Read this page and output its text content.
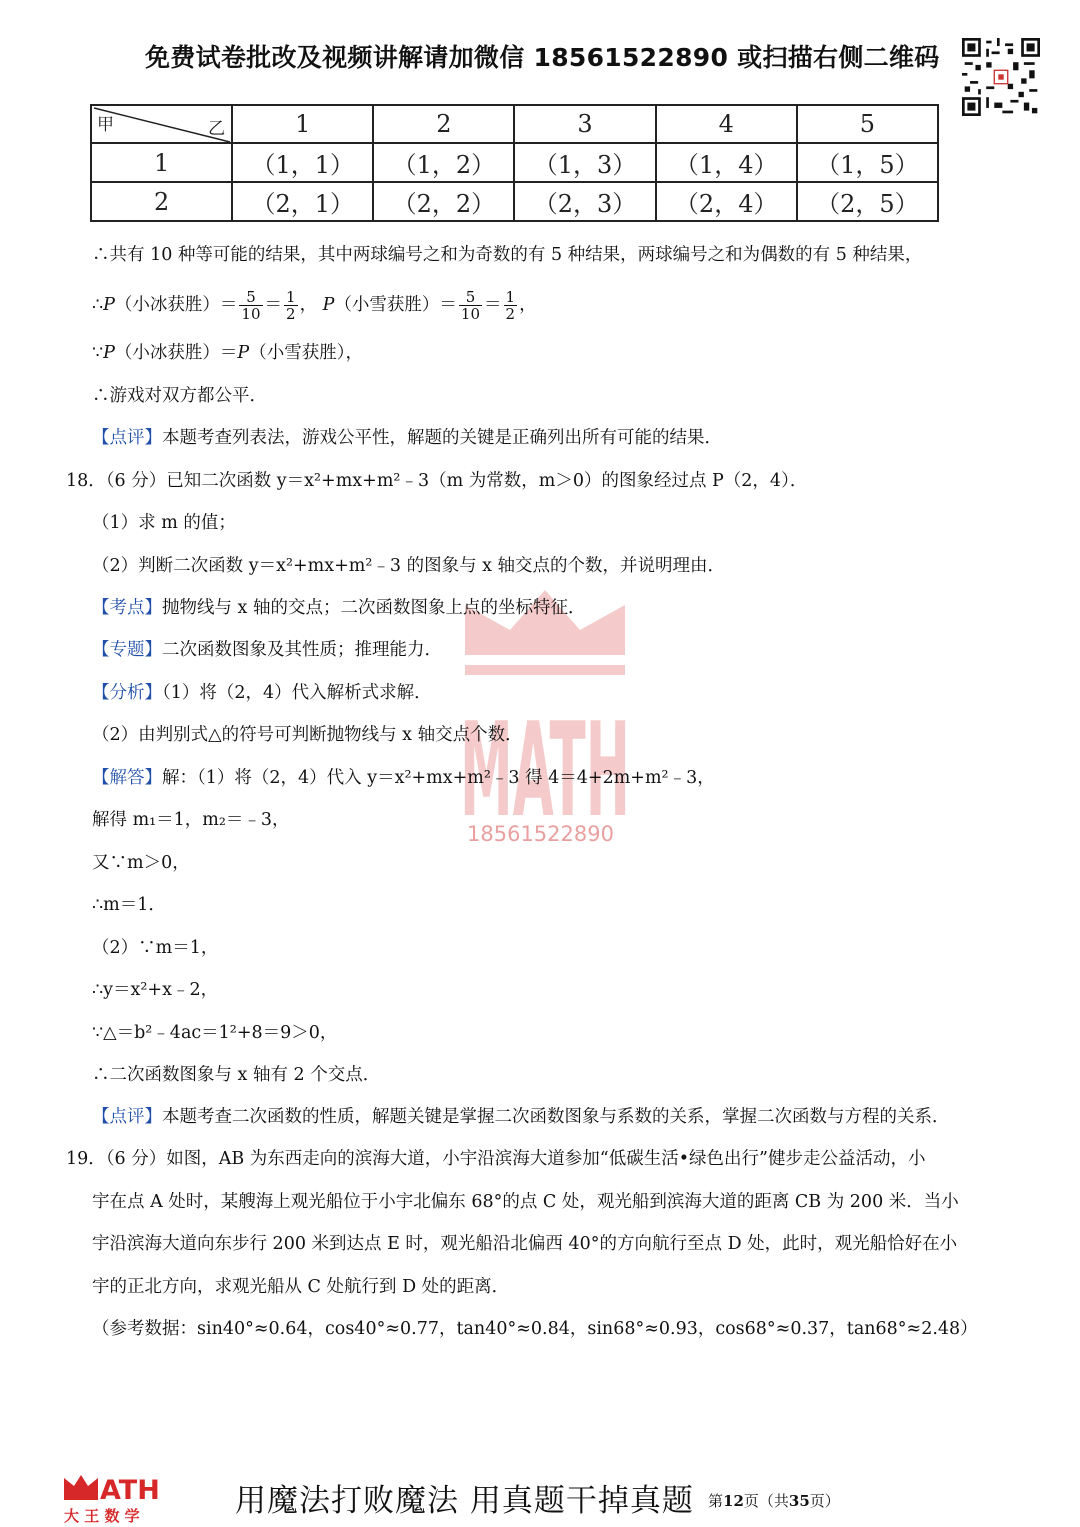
免费试卷批改及视频讲解请加微信 18561522890 或扫描右侧二维码
MATH
18561522890
甲 乙	1	2	3	4	5
1	（1，1）	（1，2）	（1，3）	（1，4）	（1，5）
2	（2，1）	（2，2）	（2，3）	（2，4）	（2，5）
∴共有 10 种等可能的结果，其中两球编号之和为奇数的有 5 种结果，两球编号之和为偶数的有 5 种结果，
∴P（小冰获胜）＝ $\frac{5}{10} = \frac{1}{2}$ ， P（小雪获胜）＝ $\frac{5}{10} = \frac{1}{2}$ ，
∵P（小冰获胜）＝P（小雪获胜），
∴游戏对双方都公平．
【点评】本题考查列表法，游戏公平性，解题的关键是正确列出所有可能的结果．
18．（6 分）已知二次函数 y＝x²+mx+m²﹣3（m 为常数，m＞0）的图象经过点 P（2，4）．
（1）求 m 的值；
（2）判断二次函数 y＝x²+mx+m²﹣3 的图象与 x 轴交点的个数，并说明理由．
【考点】抛物线与 x 轴的交点；二次函数图象上点的坐标特征．
【专题】二次函数图象及其性质；推理能力．
【分析】（1）将（2，4）代入解析式求解．
（2）由判别式△的符号可判断抛物线与 x 轴交点个数．
【解答】解：（1）将（2，4）代入 y＝x²+mx+m²﹣3 得 4＝4+2m+m²﹣3，
解得 m₁＝1，m₂＝﹣3，
又∵m＞0，
∴m＝1．
（2）∵m＝1，
∴y＝x²+x﹣2，
∵△＝b²﹣4ac＝1²+8＝9＞0，
∴二次函数图象与 x 轴有 2 个交点．
【点评】本题考查二次函数的性质，解题关键是掌握二次函数图象与系数的关系，掌握二次函数与方程的关系．
19．（6 分）如图，AB 为东西走向的滨海大道，小宇沿滨海大道参加“低碳生活•绿色出行”健步走公益活动，小
宇在点 A 处时，某艘海上观光船位于小宇北偏东 68°的点 C 处，观光船到滨海大道的距离 CB 为 200 米．当小
宇沿滨海大道向东步行 200 米到达点 E 时，观光船沿北偏西 40°的方向航行至点 D 处，此时，观光船恰好在小
宇的正北方向，求观光船从 C 处航行到 D 处的距离．
（参考数据：sin40°≈0.64，cos40°≈0.77，tan40°≈0.84，sin68°≈0.93，cos68°≈0.37，tan68°≈2.48）
ATH
大 王 数 学	用魔法打败魔法 用真题干掉真题 第12页（共35页）
